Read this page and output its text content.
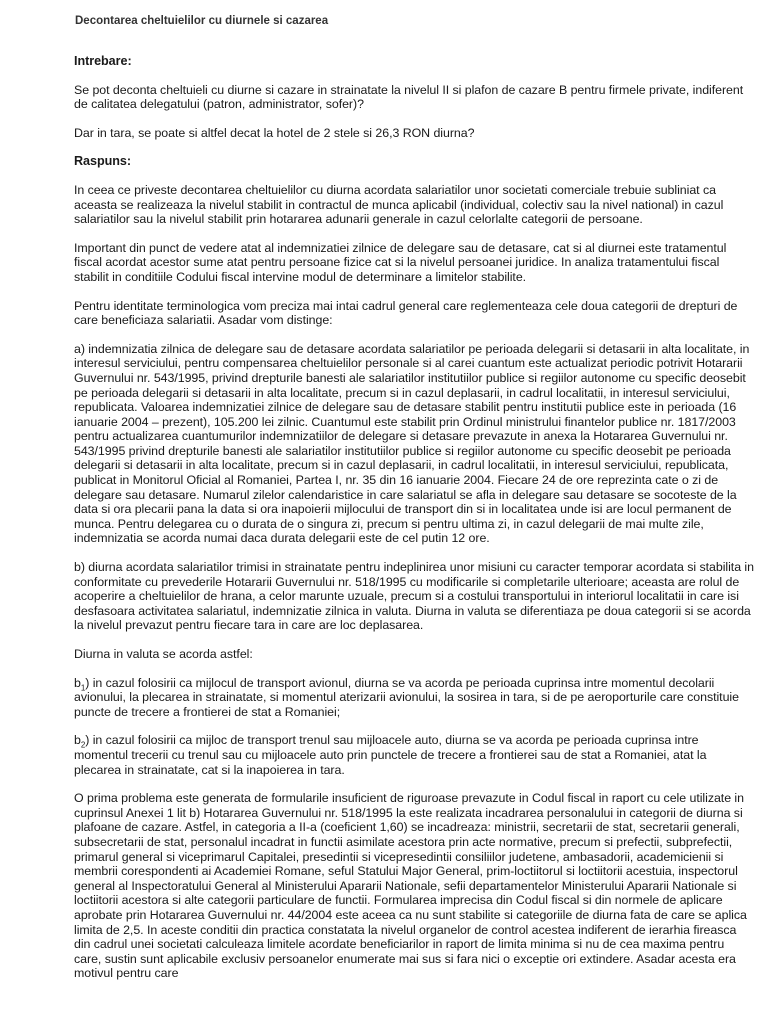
Decontarea cheltuielilor cu diurnele si cazarea
Intrebare:
Se pot deconta cheltuieli cu diurne si cazare in strainatate la nivelul II si plafon de cazare B pentru firmele private, indiferent de calitatea delegatului (patron, administrator, sofer)?
Dar in tara, se poate si altfel decat la hotel de 2 stele si 26,3 RON diurna?
Raspuns:
In ceea ce priveste decontarea cheltuielilor cu diurna acordata salariatilor unor societati comerciale trebuie subliniat ca aceasta se realizeaza la nivelul stabilit in contractul de munca aplicabil (individual, colectiv sau la nivel national) in cazul salariatilor sau la nivelul stabilit prin hotararea adunarii generale in cazul celorlalte categorii de persoane.
Important din punct de vedere atat al indemnizatiei zilnice de delegare sau de detasare, cat si al diurnei este tratamentul fiscal acordat acestor sume atat pentru persoane fizice cat si la nivelul persoanei juridice. In analiza tratamentului fiscal stabilit in conditiile Codului fiscal intervine modul de determinare a limitelor stabilite.
Pentru identitate terminologica vom preciza mai intai cadrul general care reglementeaza cele doua categorii de drepturi de care beneficiaza salariatii. Asadar vom distinge:
a) indemnizatia zilnica de delegare sau de detasare acordata salariatilor pe perioada delegarii si detasarii in alta localitate, in interesul serviciului, pentru compensarea cheltuielilor personale si al carei cuantum este actualizat periodic potrivit Hotararii Guvernului nr. 543/1995, privind drepturile banesti ale salariatilor institutiilor publice si regiilor autonome cu specific deosebit pe perioada delegarii si detasarii in alta localitate, precum si in cazul deplasarii, in cadrul localitatii, in interesul serviciului, republicata. Valoarea indemnizatiei zilnice de delegare sau de detasare stabilit pentru institutii publice este in perioada (16 ianuarie 2004 – prezent), 105.200 lei zilnic. Cuantumul este stabilit prin Ordinul ministrului finantelor publice nr. 1817/2003 pentru actualizarea cuantumurilor indemnizatiilor de delegare si detasare prevazute in anexa la Hotararea Guvernului nr. 543/1995 privind drepturile banesti ale salariatilor institutiilor publice si regiilor autonome cu specific deosebit pe perioada delegarii si detasarii in alta localitate, precum si in cazul deplasarii, in cadrul localitatii, in interesul serviciului, republicata, publicat in Monitorul Oficial al Romaniei, Partea I, nr. 35 din 16 ianuarie 2004. Fiecare 24 de ore reprezinta cate o zi de delegare sau detasare. Numarul zilelor calendaristice in care salariatul se afla in delegare sau detasare se socoteste de la data si ora plecarii pana la data si ora inapoierii mijlocului de transport din si in localitatea unde isi are locul permanent de munca. Pentru delegarea cu o durata de o singura zi, precum si pentru ultima zi, in cazul delegarii de mai multe zile, indemnizatia se acorda numai daca durata delegarii este de cel putin 12 ore.
b) diurna acordata salariatilor trimisi in strainatate pentru indeplinirea unor misiuni cu caracter temporar acordata si stabilita in conformitate cu prevederile Hotararii Guvernului nr. 518/1995 cu modificarile si completarile ulterioare; aceasta are rolul de acoperire a cheltuielilor de hrana, a celor marunte uzuale, precum si a costului transportului in interiorul localitatii in care isi desfasoara activitatea salariatul, indemnizatie zilnica in valuta. Diurna in valuta se diferentiaza pe doua categorii si se acorda la nivelul prevazut pentru fiecare tara in care are loc deplasarea.
Diurna in valuta se acorda astfel:
$b_1$) in cazul folosirii ca mijlocul de transport avionul, diurna se va acorda pe perioada cuprinsa intre momentul decolarii avionului, la plecarea in strainatate, si momentul aterizarii avionului, la sosirea in tara, si de pe aeroporturile care constituie puncte de trecere a frontierei de stat a Romaniei;
$b_2$) in cazul folosirii ca mijloc de transport trenul sau mijloacele auto, diurna se va acorda pe perioada cuprinsa intre momentul trecerii cu trenul sau cu mijloacele auto prin punctele de trecere a frontierei sau de stat a Romaniei, atat la plecarea in strainatate, cat si la inapoierea in tara.
O prima problema este generata de formularile insuficient de riguroase prevazute in Codul fiscal in raport cu cele utilizate in cuprinsul Anexei 1 lit b) Hotararea Guvernului nr. 518/1995 la este realizata incadrarea personalului in categorii de diurna si plafoane de cazare. Astfel, in categoria a II-a (coeficient 1,60) se incadreaza: ministrii, secretarii de stat, secretarii generali, subsecretarii de stat, personalul incadrat in functii asimilate acestora prin acte normative, precum si prefectii, subprefectii, primarul general si viceprimarul Capitalei, presedintii si vicepresedintii consiliilor judetene, ambasadorii, academicienii si membrii corespondenti ai Academiei Romane, seful Statului Major General, prim-loctiitorul si loctiitorii acestuia, inspectorul general al Inspectoratului General al Ministerului Apararii Nationale, sefii departamentelor Ministerului Apararii Nationale si loctiitorii acestora si alte categorii particulare de functii. Formularea imprecisa din Codul fiscal si din normele de aplicare aprobate prin Hotararea Guvernului nr. 44/2004 este aceea ca nu sunt stabilite si categoriile de diurna fata de care se aplica limita de 2,5. In aceste conditii din practica constatata la nivelul organelor de control acestea indiferent de ierarhia fireasca din cadrul unei societati calculeaza limitele acordate beneficiarilor in raport de limita minima si nu de cea maxima pentru care, sustin sunt aplicabile exclusiv persoanelor enumerate mai sus si fara nici o exceptie ori extindere. Asadar acesta era motivul pentru care
